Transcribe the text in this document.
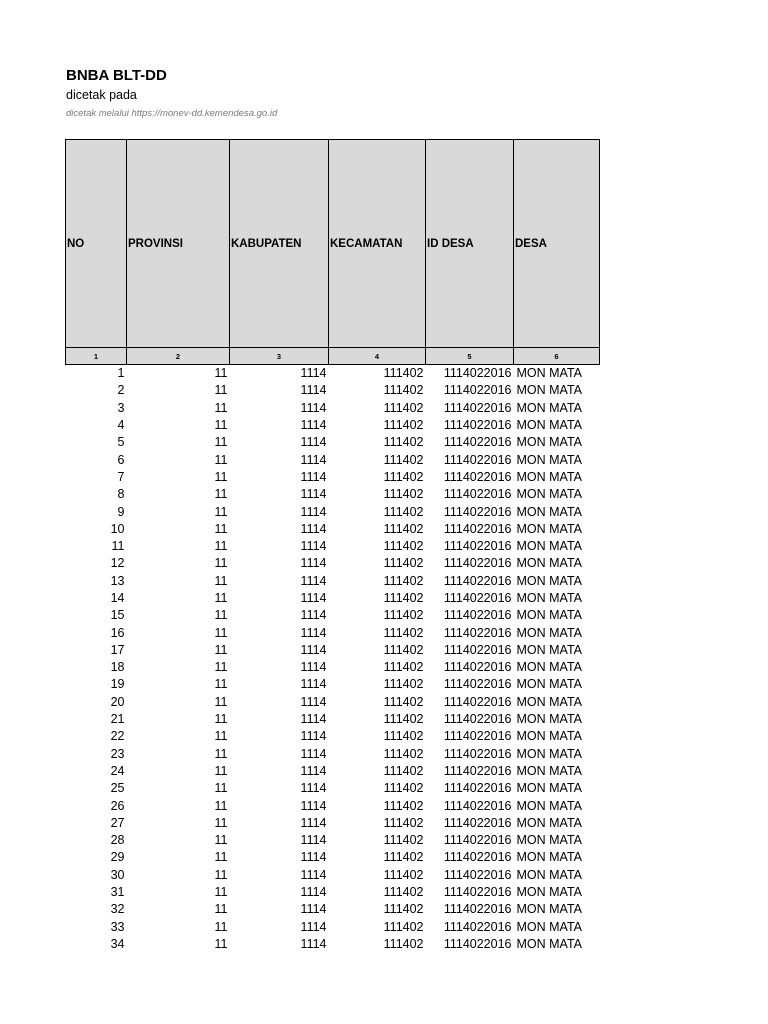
BNBA BLT-DD
dicetak pada
dicetak melalui https://monev-dd.kemendesa.go.id
NO	PROVINSI	KABUPATEN	KECAMATAN	ID DESA	DESA
1	2	3	4	5	6
1	11	1114	111402	1114022016	MON MATA
2	11	1114	111402	1114022016	MON MATA
3	11	1114	111402	1114022016	MON MATA
4	11	1114	111402	1114022016	MON MATA
5	11	1114	111402	1114022016	MON MATA
6	11	1114	111402	1114022016	MON MATA
7	11	1114	111402	1114022016	MON MATA
8	11	1114	111402	1114022016	MON MATA
9	11	1114	111402	1114022016	MON MATA
10	11	1114	111402	1114022016	MON MATA
11	11	1114	111402	1114022016	MON MATA
12	11	1114	111402	1114022016	MON MATA
13	11	1114	111402	1114022016	MON MATA
14	11	1114	111402	1114022016	MON MATA
15	11	1114	111402	1114022016	MON MATA
16	11	1114	111402	1114022016	MON MATA
17	11	1114	111402	1114022016	MON MATA
18	11	1114	111402	1114022016	MON MATA
19	11	1114	111402	1114022016	MON MATA
20	11	1114	111402	1114022016	MON MATA
21	11	1114	111402	1114022016	MON MATA
22	11	1114	111402	1114022016	MON MATA
23	11	1114	111402	1114022016	MON MATA
24	11	1114	111402	1114022016	MON MATA
25	11	1114	111402	1114022016	MON MATA
26	11	1114	111402	1114022016	MON MATA
27	11	1114	111402	1114022016	MON MATA
28	11	1114	111402	1114022016	MON MATA
29	11	1114	111402	1114022016	MON MATA
30	11	1114	111402	1114022016	MON MATA
31	11	1114	111402	1114022016	MON MATA
32	11	1114	111402	1114022016	MON MATA
33	11	1114	111402	1114022016	MON MATA
34	11	1114	111402	1114022016	MON MATA
